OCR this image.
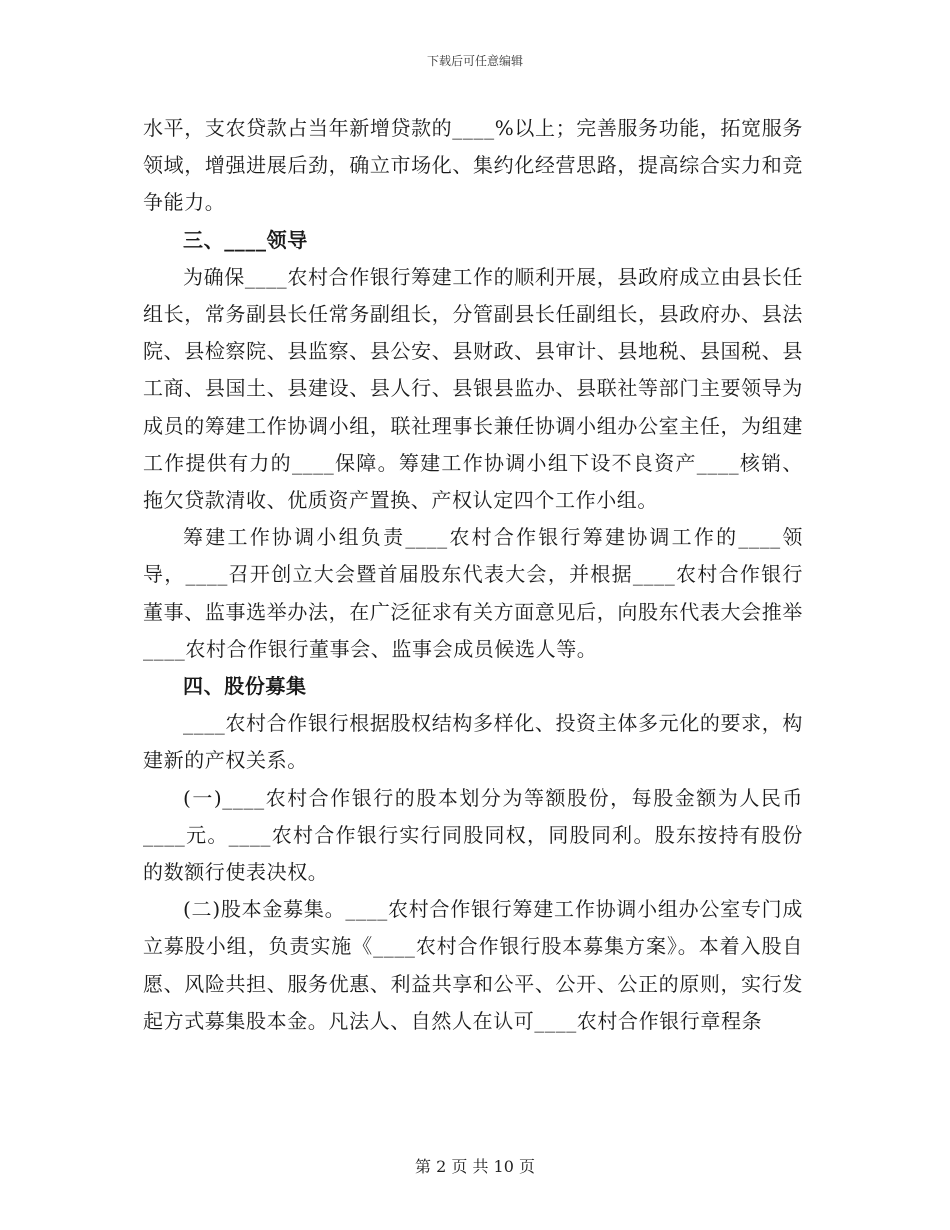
下载后可任意编辑

水平，支农贷款占当年新增贷款的____%以上；完善服务功能，拓宽服务领域，增强进展后劲，确立市场化、集约化经营思路，提高综合实力和竞争能力。

三、____领导

为确保____农村合作银行筹建工作的顺利开展，县政府成立由县长任组长，常务副县长任常务副组长，分管副县长任副组长，县政府办、县法院、县检察院、县监察、县公安、县财政、县审计、县地税、县国税、县工商、县国土、县建设、县人行、县银县监办、县联社等部门主要领导为成员的筹建工作协调小组，联社理事长兼任协调小组办公室主任，为组建工作提供有力的____保障。筹建工作协调小组下设不良资产____核销、拖欠贷款清收、优质资产置换、产权认定四个工作小组。

筹建工作协调小组负责____农村合作银行筹建协调工作的____领导，____召开创立大会暨首届股东代表大会，并根据____农村合作银行董事、监事选举办法，在广泛征求有关方面意见后，向股东代表大会推举____农村合作银行董事会、监事会成员候选人等。

四、股份募集

____农村合作银行根据股权结构多样化、投资主体多元化的要求，构建新的产权关系。

(一)____农村合作银行的股本划分为等额股份，每股金额为人民币____元。____农村合作银行实行同股同权，同股同利。股东按持有股份的数额行使表决权。

(二)股本金募集。____农村合作银行筹建工作协调小组办公室专门成立募股小组，负责实施《____农村合作银行股本募集方案》。本着入股自愿、风险共担、服务优惠、利益共享和公平、公开、公正的原则，实行发起方式募集股本金。凡法人、自然人在认可____农村合作银行章程条

第 2 页 共 10 页
